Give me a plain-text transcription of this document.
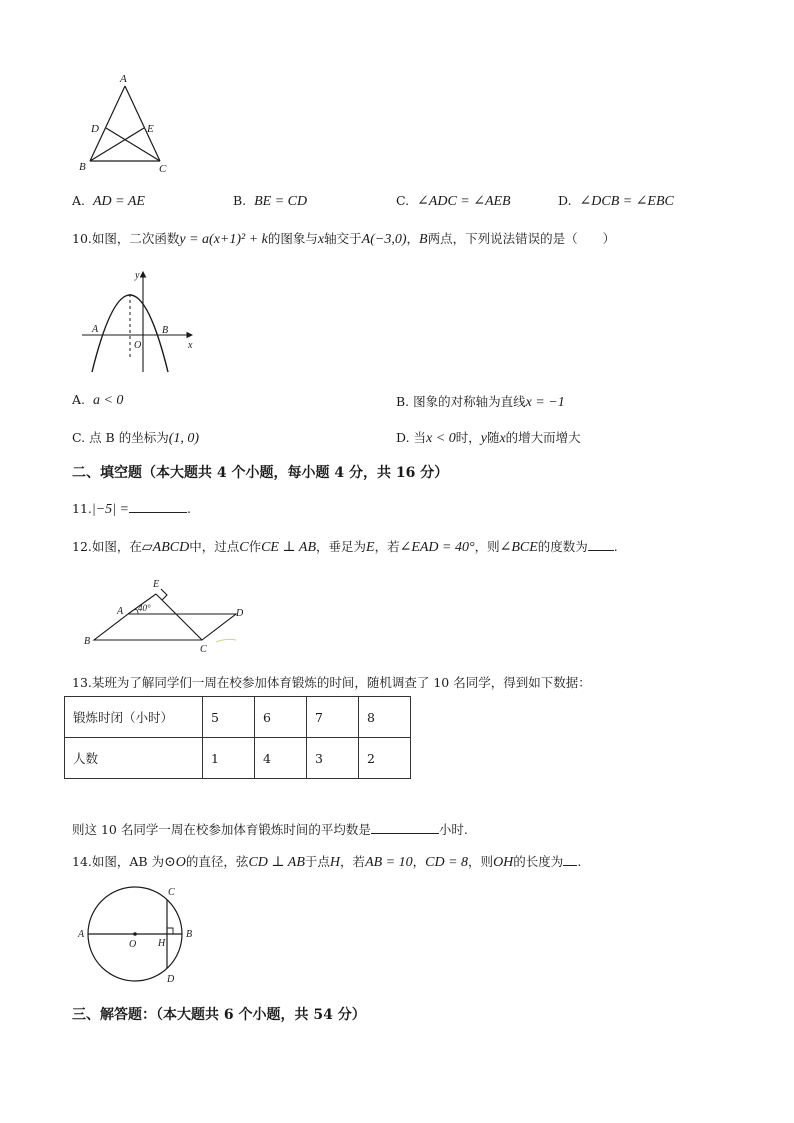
A
D	E
B	C
A. AD = AE	B. BE = CD	C. ∠ADC = ∠AEB	D. ∠DCB = ∠EBC
10.如图，二次函数y = a(x+1)² + k的图象与x轴交于A(−3,0)，B两点，下列说法错误的是（　　）
y
A	B
O	x
A. a < 0	B. 图象的对称轴为直线x = −1
C. 点 B 的坐标为(1, 0)	D. 当x < 0时，y随x的增大而增大
二、填空题（本大题共 4 个小题，每小题 4 分，共 16 分）
11.|−5| =	.
12.如图，在▱ABCD中，过点C作CE ⊥ AB，垂足为E，若∠EAD = 40°，则∠BCE的度数为 .
E
A 40°	D
B
C
13.某班为了解同学们一周在校参加体育锻炼的时间，随机调查了 10 名同学，得到如下数据：
锻炼时闭（小时）	5	6	7	8
人数	1	4	3	2
则这 10 名同学一周在校参加体育锻炼时间的平均数是	小时.
14.如图，AB 为⊙O的直径，弦CD ⊥ AB于点H，若AB = 10，CD = 8，则OH的长度为 .
C
A
O H
B
D
三、解答题：（本大题共 6 个小题，共 54 分）
